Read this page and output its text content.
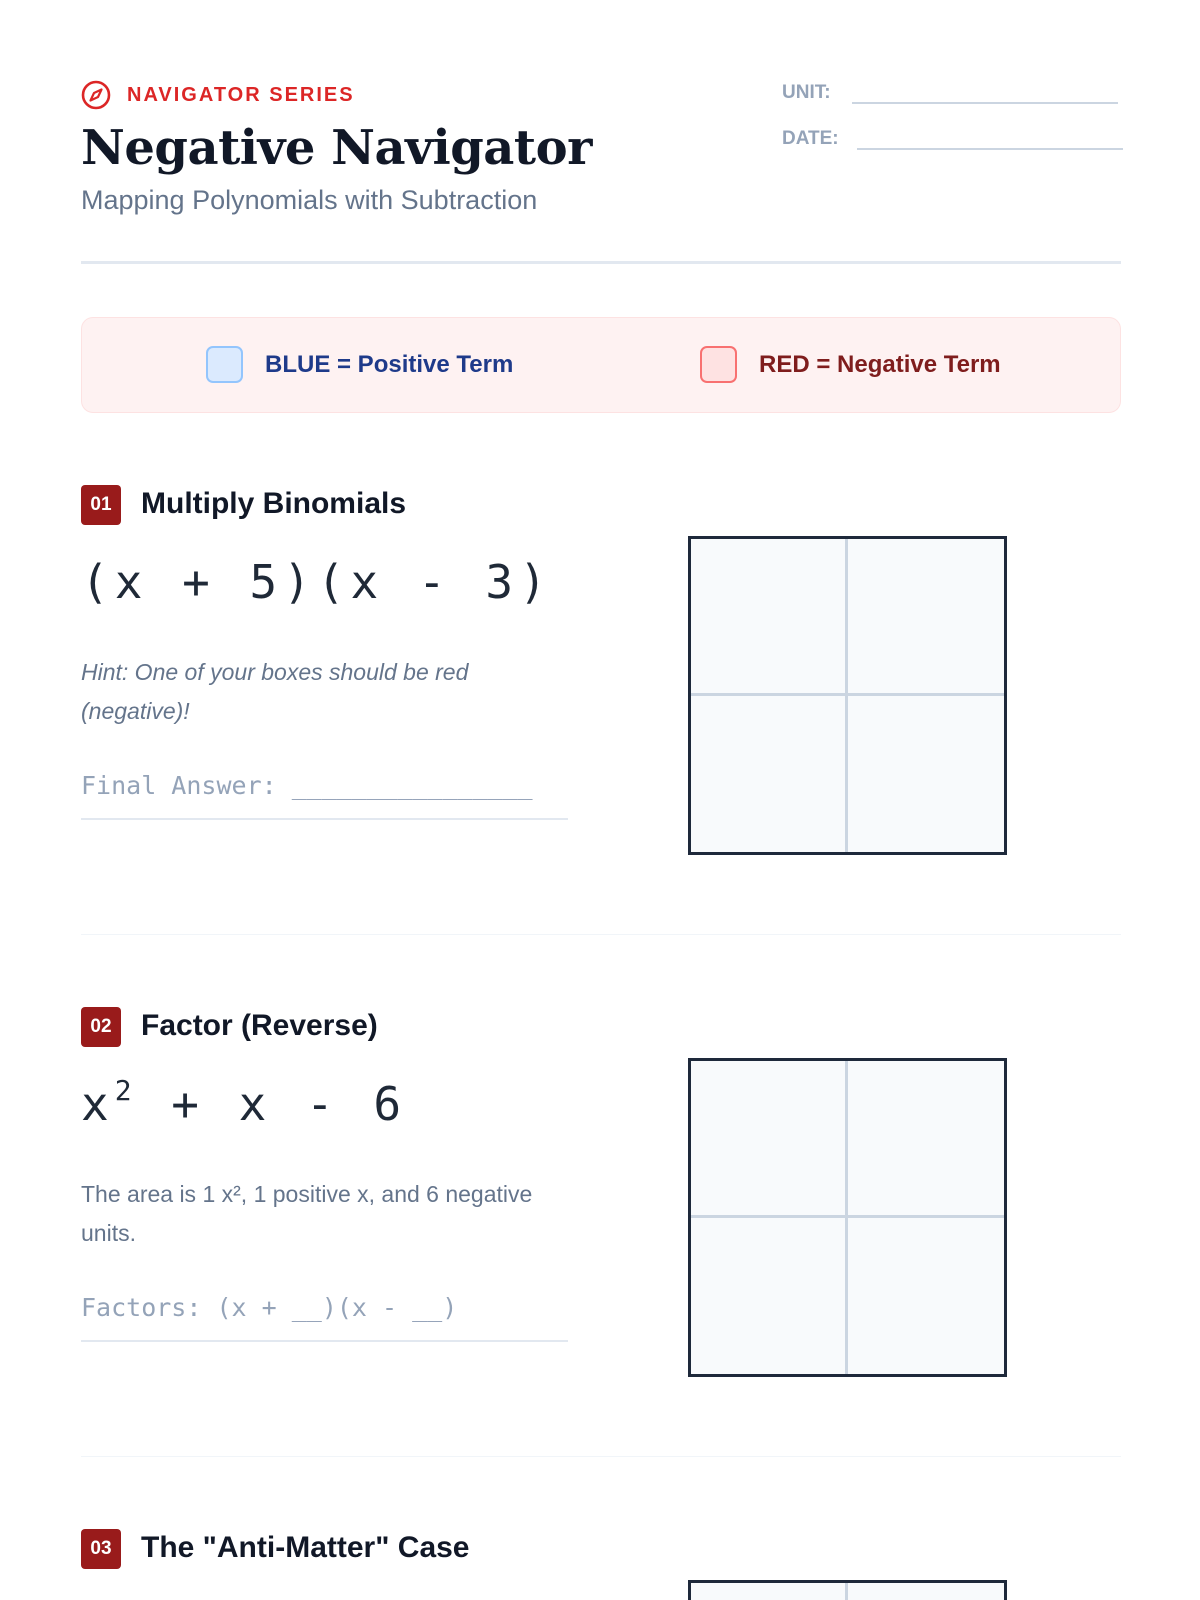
NAVIGATOR SERIES
Negative Navigator
Mapping Polynomials with Subtraction
UNIT:
DATE:
BLUE = Positive Term	RED = Negative Term
01 Multiply Binomials
(x + 5)(x - 3)
Hint: One of your boxes should be red (negative)!
Final Answer: ________________
02 Factor (Reverse)
$x^2 + x - 6$
The area is 1 x², 1 positive x, and 6 negative units.
Factors: (x + __)(x - __)
03 The "Anti-Matter" Case
